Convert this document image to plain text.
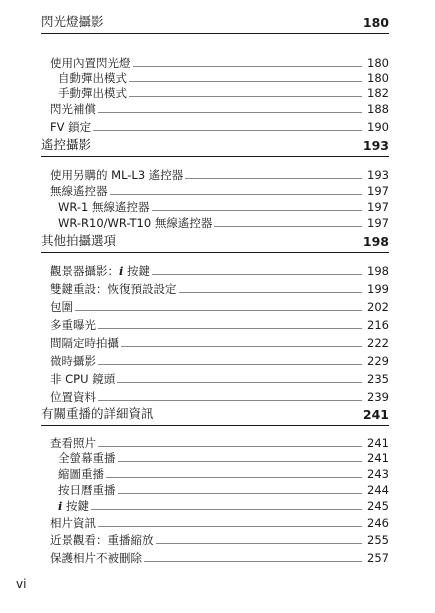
閃光燈攝影	180
使用內置閃光燈	180
自動彈出模式	180
手動彈出模式	182
閃光補償	188
FV 鎖定	190
遙控攝影	193
使用另購的 ML-L3 遙控器	193
無線遙控器	197
WR-1 無線遙控器	197
WR-R10/WR-T10 無線遙控器	197
其他拍攝選項	198
觀景器攝影：i 按鍵	198
雙鍵重設：恢復預設設定	199
包圍	202
多重曝光	216
間隔定時拍攝	222
微時攝影	229
非 CPU 鏡頭	235
位置資料	239
有關重播的詳細資訊	241
查看照片	241
全螢幕重播	241
縮圖重播	243
按日曆重播	244
i 按鍵	245
相片資訊	246
近景觀看：重播縮放	255
保護相片不被刪除	257
vi
